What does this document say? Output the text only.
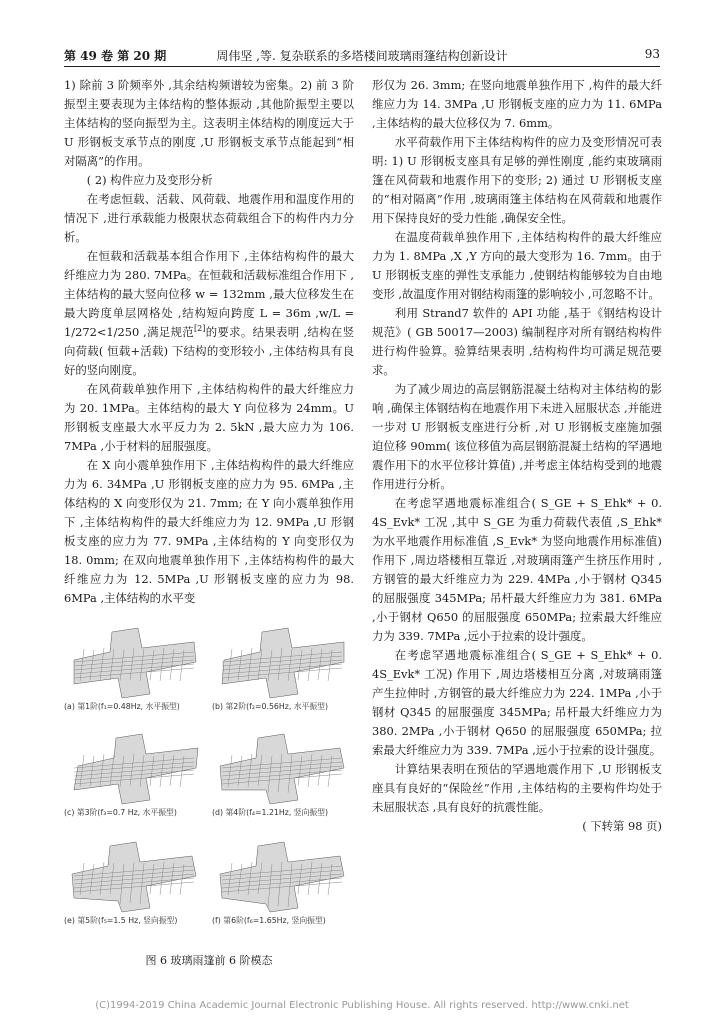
第 49 卷 第 20 期	周伟坚 ,等. 复杂联系的多塔楼间玻璃雨篷结构创新设计	93

1) 除前 3 阶频率外 ,其余结构频谱较为密集。2) 前 3 阶振型主要表现为主体结构的整体振动 ,其他阶振型主要以主体结构的竖向振型为主。这表明主体结构的刚度远大于 U 形钢板支承节点的刚度 ,U 形钢板支承节点能起到“相对隔离”的作用。

( 2) 构件应力及变形分析

在考虑恒载、活载、风荷载、地震作用和温度作用的情况下 ,进行承载能力极限状态荷载组合下的构件内力分析。

在恒载和活载基本组合作用下 ,主体结构构件的最大纤维应力为 280. 7MPa。在恒载和活载标准组合作用下 ,主体结构的最大竖向位移 w = 132mm ,最大位移发生在最大跨度单层网格处 ,结构短向跨度 L = 36m ,w/L = 1/272<1/250 ,满足规范[2]的要求。结果表明 ,结构在竖向荷载( 恒载+活载) 下结构的变形较小 ,主体结构具有良好的竖向刚度。

在风荷载单独作用下 ,主体结构构件的最大纤维应力为 20. 1MPa。主体结构的最大 Y 向位移为 24mm。U 形钢板支座最大水平反力为 2. 5kN ,最大应力为 106. 7MPa ,小于材料的屈服强度。

在 X 向小震单独作用下 ,主体结构构件的最大纤维应力为 6. 34MPa ,U 形钢板支座的应力为 95. 6MPa ,主体结构的 X 向变形仅为 21. 7mm; 在 Y 向小震单独作用下 ,主体结构构件的最大纤维应力为 12. 9MPa ,U 形钢板支座的应力为 77. 9MPa ,主体结构的 Y 向变形仅为 18. 0mm; 在双向地震单独作用下 ,主体结构构件的最大纤维应力为 12. 5MPa ,U 形钢板支座的应力为 98. 6MPa ,主体结构的水平变

(a) 第1阶(f₁=0.48Hz, 水平振型)	(b) 第2阶(f₂=0.56Hz, 水平振型)
(c) 第3阶(f₃=0.7 Hz, 水平振型)	(d) 第4阶(f₄=1.21Hz, 竖向振型)
(e) 第5阶(f₅=1.5 Hz, 竖向振型)	(f) 第6阶(f₆=1.65Hz, 竖向振型)
图 6 玻璃雨篷前 6 阶模态

形仅为 26. 3mm; 在竖向地震单独作用下 ,构件的最大纤维应力为 14. 3MPa ,U 形钢板支座的应力为 11. 6MPa ,主体结构的最大位移仅为 7. 6mm。

水平荷载作用下主体结构构件的应力及变形情况可表明: 1) U 形钢板支座具有足够的弹性刚度 ,能约束玻璃雨篷在风荷载和地震作用下的变形; 2) 通过 U 形钢板支座的“相对隔离”作用 ,玻璃雨篷主体结构在风荷载和地震作用下保持良好的受力性能 ,确保安全性。

在温度荷载单独作用下 ,主体结构构件的最大纤维应力为 1. 8MPa ,X ,Y 方向的最大变形为 16. 7mm。由于 U 形钢板支座的弹性支承能力 ,使钢结构能够较为自由地变形 ,故温度作用对钢结构雨篷的影响较小 ,可忽略不计。

利用 Strand7 软件的 API 功能 ,基于《钢结构设计规范》( GB 50017—2003) 编制程序对所有钢结构构件进行构件验算。验算结果表明 ,结构构件均可满足规范要求。

为了减少周边的高层钢筋混凝土结构对主体结构的影响 ,确保主体钢结构在地震作用下未进入屈服状态 ,并能进一步对 U 形钢板支座进行分析 ,对 U 形钢板支座施加强迫位移 90mm( 该位移值为高层钢筋混凝土结构的罕遇地震作用下的水平位移计算值) ,并考虑主体结构受到的地震作用进行分析。

在考虑罕遇地震标准组合( S_GE + S_Ehk* + 0. 4S_Evk* 工况 ,其中 S_GE 为重力荷载代表值 ,S_Ehk* 为水平地震作用标准值 ,S_Evk* 为竖向地震作用标准值) 作用下 ,周边塔楼相互靠近 ,对玻璃雨篷产生挤压作用时 ,方钢管的最大纤维应力为 229. 4MPa ,小于钢材 Q345 的屈服强度 345MPa; 吊杆最大纤维应力为 381. 6MPa ,小于钢材 Q650 的屈服强度 650MPa; 拉索最大纤维应力为 339. 7MPa ,远小于拉索的设计强度。

在考虑罕遇地震标准组合( S_GE + S_Ehk* + 0. 4S_Evk* 工况) 作用下 ,周边塔楼相互分离 ,对玻璃雨篷产生拉伸时 ,方钢管的最大纤维应力为 224. 1MPa ,小于钢材 Q345 的屈服强度 345MPa; 吊杆最大纤维应力为 380. 2MPa ,小于钢材 Q650 的屈服强度 650MPa; 拉索最大纤维应力为 339. 7MPa ,远小于拉索的设计强度。

计算结果表明在预估的罕遇地震作用下 ,U 形钢板支座具有良好的“保险丝”作用 ,主体结构的主要构件均处于未屈服状态 ,具有良好的抗震性能。

( 下转第 98 页)

(C)1994-2019 China Academic Journal Electronic Publishing House. All rights reserved. http://www.cnki.net
